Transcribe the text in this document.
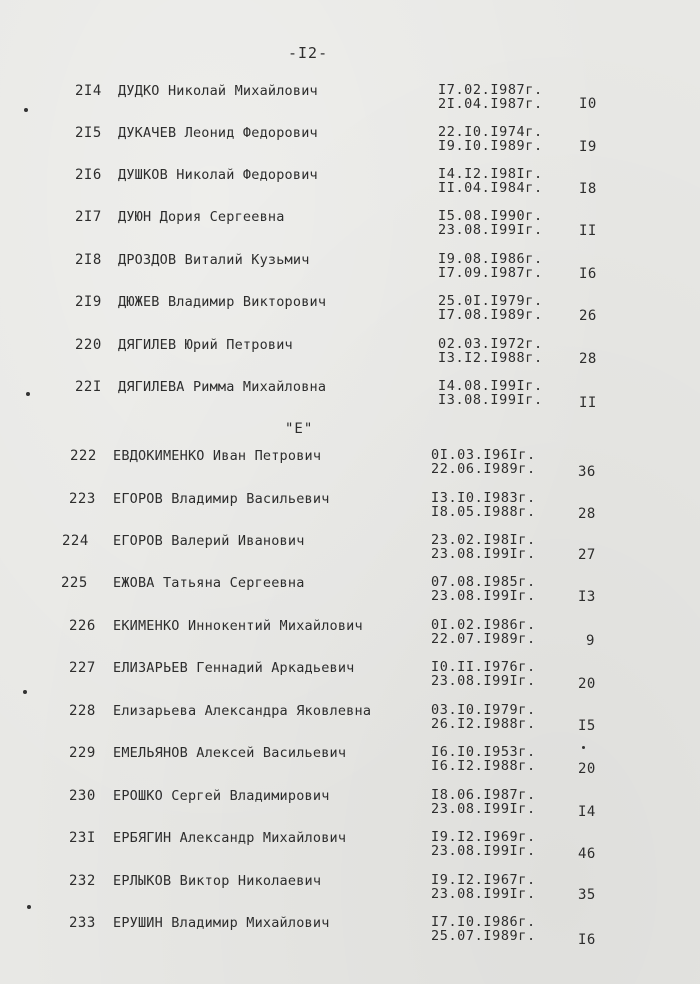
-I2-
"E"
2I4 ДУДКО Николай Михайлович	I7.02.I987г.
2I.04.I987г.	I0
2I5 ДУКАЧЕВ Леонид Федорович	22.I0.I974г.
I9.I0.I989г.	I9
2I6 ДУШКОВ Николай Федорович	I4.I2.I98Iг.
II.04.I984г.	I8
2I7 ДУЮН Дория Сергеевна	I5.08.I990г.
23.08.I99Iг.	II
2I8 ДРОЗДОВ Виталий Кузьмич	I9.08.I986г.
I7.09.I987г.	I6
2I9 ДЮЖЕВ Владимир Викторович	25.0I.I979г.
I7.08.I989г.	26
220 ДЯГИЛЕВ Юрий Петрович	02.03.I972г.
I3.I2.I988г.	28
22I ДЯГИЛЕВА Римма Михайловна	I4.08.I99Iг.
I3.08.I99Iг.	II
222 ЕВДОКИМЕНКО Иван Петрович	0I.03.I96Iг.
22.06.I989г.	36
223 ЕГОРОВ Владимир Васильевич	I3.I0.I983г.
I8.05.I988г.	28
224 ЕГОРОВ Валерий Иванович	23.02.I98Iг.
23.08.I99Iг.	27
225 ЕЖОВА Татьяна Сергеевна	07.08.I985г.
23.08.I99Iг.	I3
226 ЕКИМЕНКО Иннокентий Михайлович	0I.02.I986г.
22.07.I989г.	9
227 ЕЛИЗАРЬЕВ Геннадий Аркадьевич	I0.II.I976г.
23.08.I99Iг.	20
228 Елизарьева Александра Яковлевна	03.I0.I979г.
26.I2.I988г.	I5
229 ЕМЕЛЬЯНОВ Алексей Васильевич	I6.I0.I953г.
I6.I2.I988г.	20
230 ЕРОШКО Сергей Владимирович	I8.06.I987г.
23.08.I99Iг.	I4
23I ЕРБЯГИН Александр Михайлович	I9.I2.I969г.
23.08.I99Iг.	46
232 ЕРЛЫКОВ Виктор Николаевич	I9.I2.I967г.
23.08.I99Iг.	35
233 ЕРУШИН Владимир Михайлович	I7.I0.I986г.
25.07.I989г.	I6
